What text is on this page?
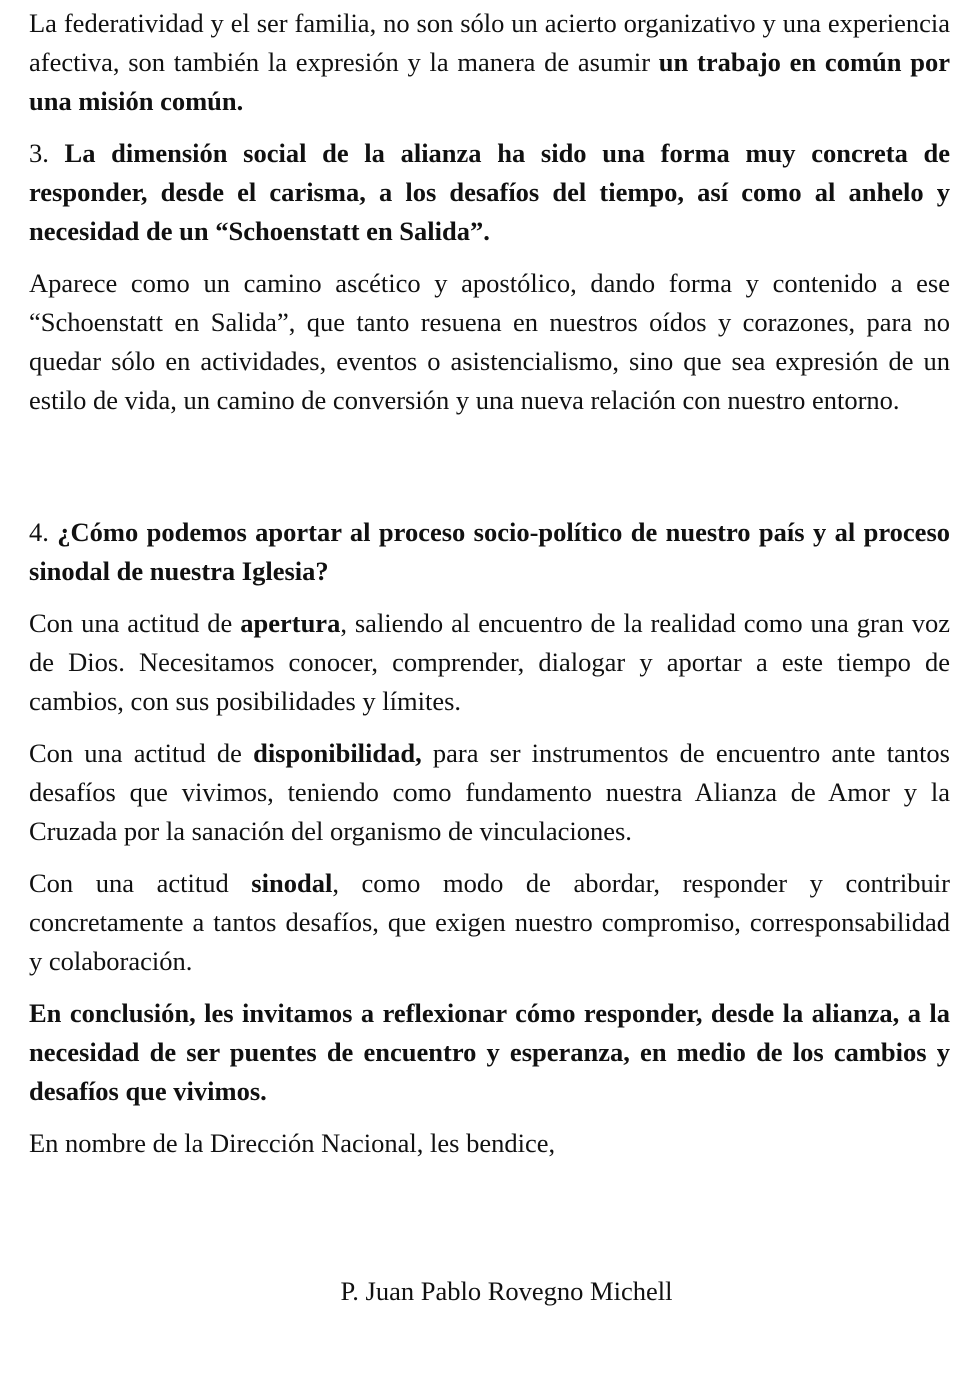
La federatividad y el ser familia, no son sólo un acierto organizativo y una experiencia afectiva, son también la expresión y la manera de asumir un trabajo en común por una misión común.

3. La dimensión social de la alianza ha sido una forma muy concreta de responder, desde el carisma, a los desafíos del tiempo, así como al anhelo y necesidad de un “Schoenstatt en Salida”.

Aparece como un camino ascético y apostólico, dando forma y contenido a ese “Schoenstatt en Salida”, que tanto resuena en nuestros oídos y corazones, para no quedar sólo en actividades, eventos o asistencialismo, sino que sea expresión de un estilo de vida, un camino de conversión y una nueva relación con nuestro entorno.

4. ¿Cómo podemos aportar al proceso socio-político de nuestro país y al proceso sinodal de nuestra Iglesia?

Con una actitud de apertura, saliendo al encuentro de la realidad como una gran voz de Dios. Necesitamos conocer, comprender, dialogar y aportar a este tiempo de cambios, con sus posibilidades y límites.

Con una actitud de disponibilidad, para ser instrumentos de encuentro ante tantos desafíos que vivimos, teniendo como fundamento nuestra Alianza de Amor y la Cruzada por la sanación del organismo de vinculaciones.

Con una actitud sinodal, como modo de abordar, responder y contribuir concretamente a tantos desafíos, que exigen nuestro compromiso, corresponsabilidad y colaboración.

En conclusión, les invitamos a reflexionar cómo responder, desde la alianza, a la necesidad de ser puentes de encuentro y esperanza, en medio de los cambios y desafíos que vivimos.

En nombre de la Dirección Nacional, les bendice,

P. Juan Pablo Rovegno Michell
